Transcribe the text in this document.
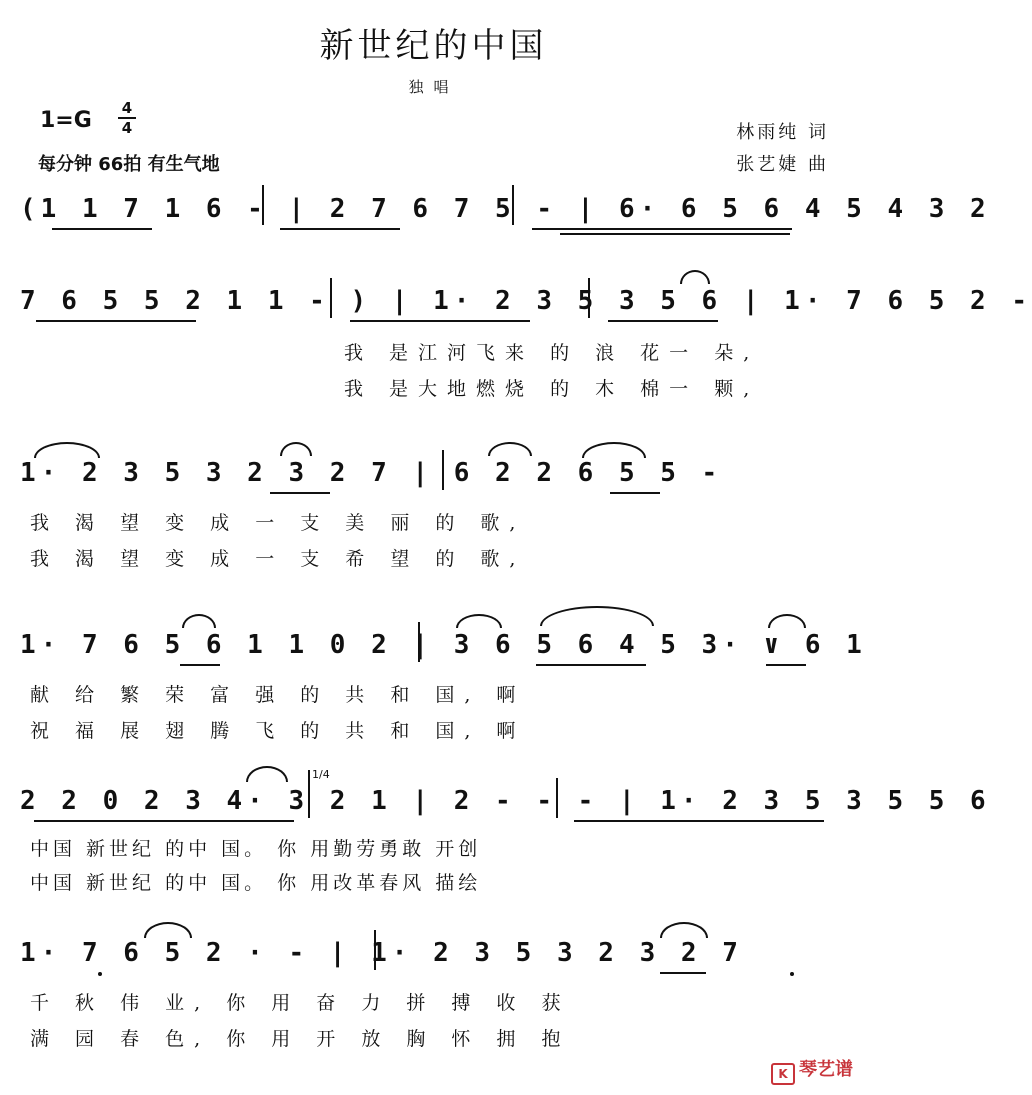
新世纪的中国
独唱
1=G 4
4
每分钟 66拍 有生气地
林雨纯 词
张艺婕 曲
(1 1 7 1 6 - | 2 7 6 7 5 - | 6· 6 5 6 4 5 4 3 2
7 6 5 5 2 1 1 - ) | 1· 2 3 5 3 5 6 | 1· 7 6 5 2 -
我 是江河飞来 的 浪 花一 朵,
我 是大地燃烧 的 木 棉一 颗,
1· 2 3 5 3 2 3 2 7 | 6 2 2 6 5 5 -
我 渴 望 变 成 一 支 美 丽 的 歌,
我 渴 望 变 成 一 支 希 望 的 歌,
1· 7 6 5 6 1 1 0 2 | 3 6 5 6 4 5 3· ∨ 6 1
献 给 繁 荣 富 强 的 共 和 国, 啊
祝 福 展 翅 腾 飞 的 共 和 国, 啊
2 2 0 2 3 4· 3 2 1 | 2 - - - | 1· 2 3 5 3 5 5 6
1/4
中国 新世纪 的中 国。 你 用勤劳勇敢 开创
中国 新世纪 的中 国。 你 用改革春风 描绘
1· 7 6 5 2 · - | 1· 2 3 5 3 2 3 2 7
千 秋 伟 业, 你 用 奋 力 拼 搏 收 获
满 园 春 色, 你 用 开 放 胸 怀 拥 抱
K 琴艺谱
